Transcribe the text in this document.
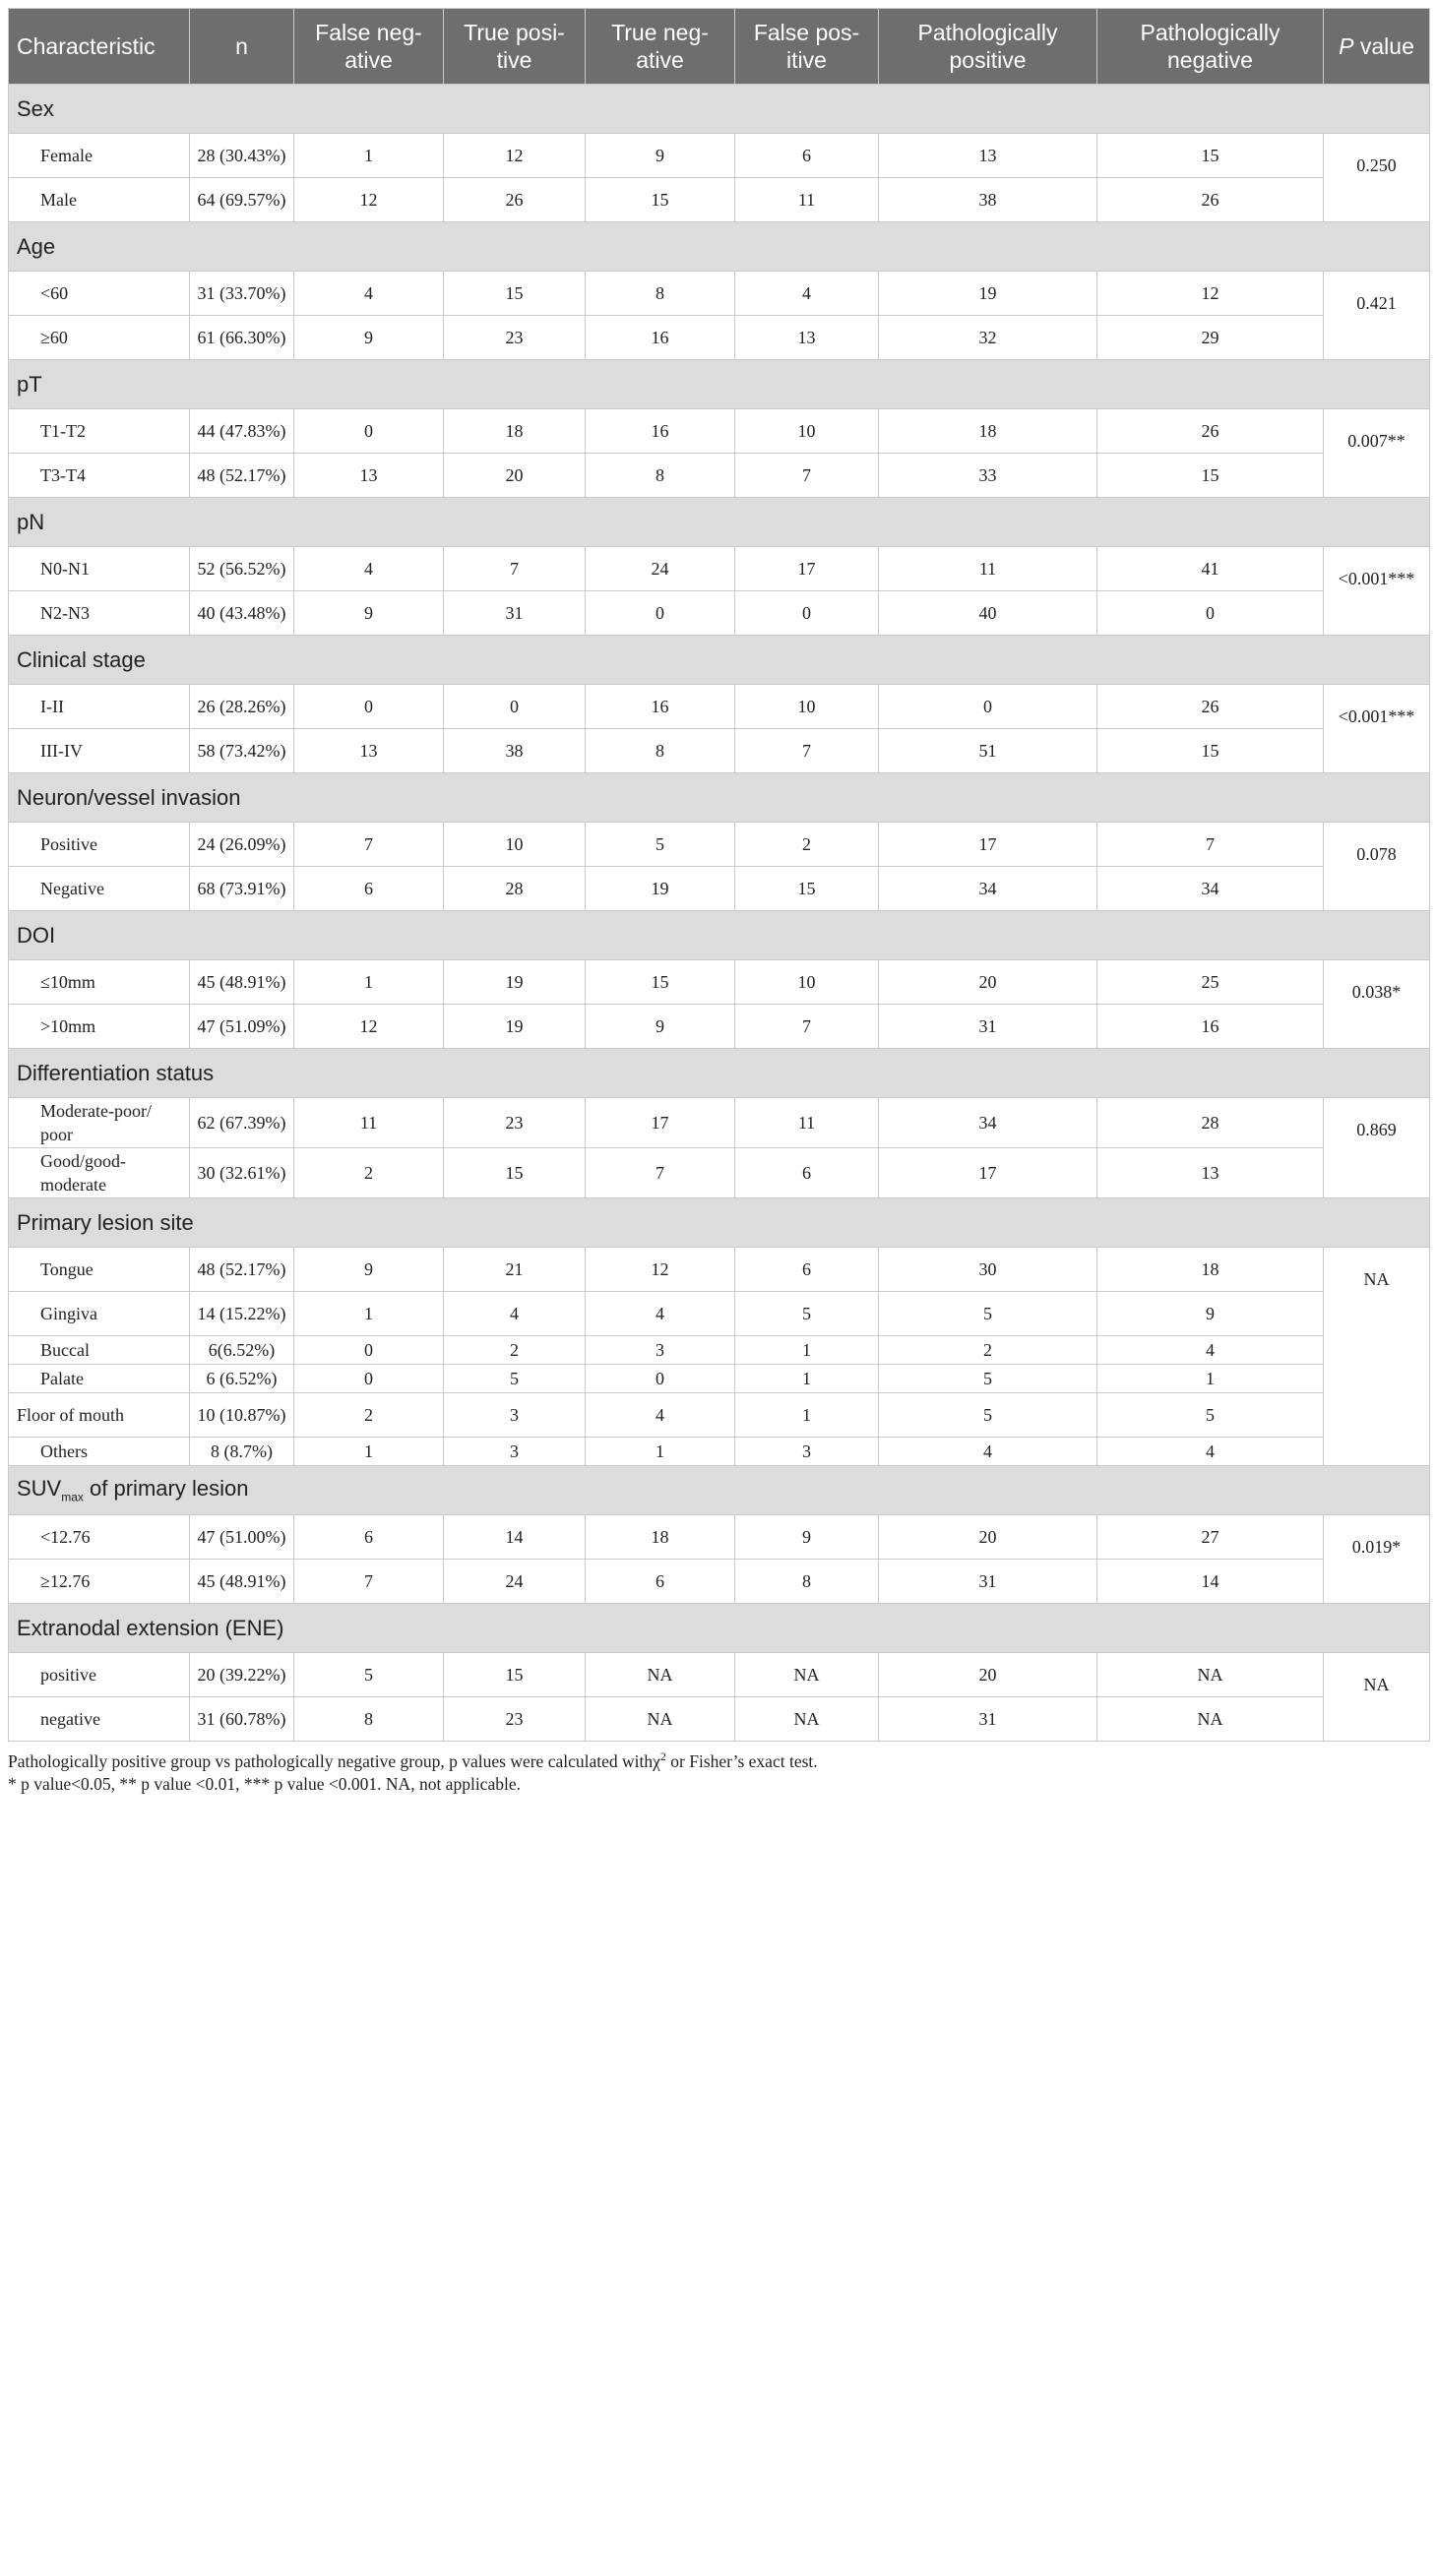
Characteristic	n	False neg-ative	True posi-tive	True neg-ative	False pos-itive	Pathologically positive	Pathologically negative	P value
Sex								
Female	28 (30.43%)	1	12	9	6	13	15	0.250
Male	64 (69.57%)	12	26	15	11	38	26	
Age								
<60	31 (33.70%)	4	15	8	4	19	12	0.421
≥60	61 (66.30%)	9	23	16	13	32	29	
pT								
T1-T2	44 (47.83%)	0	18	16	10	18	26	0.007**
T3-T4	48 (52.17%)	13	20	8	7	33	15	
pN								
N0-N1	52 (56.52%)	4	7	24	17	11	41	<0.001***
N2-N3	40 (43.48%)	9	31	0	0	40	0	
Clinical stage								
I-II	26 (28.26%)	0	0	16	10	0	26	<0.001***
III-IV	58 (73.42%)	13	38	8	7	51	15	
Neuron/vessel invasion								
Positive	24 (26.09%)	7	10	5	2	17	7	0.078
Negative	68 (73.91%)	6	28	19	15	34	34	
DOI								
≤10mm	45 (48.91%)	1	19	15	10	20	25	0.038*
>10mm	47 (51.09%)	12	19	9	7	31	16	
Differentiation status								
Moderate-poor/ poor	62 (67.39%)	11	23	17	11	34	28	0.869
Good/good-moderate	30 (32.61%)	2	15	7	6	17	13	
Primary lesion site								
Tongue	48 (52.17%)	9	21	12	6	30	18	NA
Gingiva	14 (15.22%)	1	4	4	5	5	9	
Buccal	6(6.52%)	0	2	3	1	2	4	
Palate	6 (6.52%)	0	5	0	1	5	1	
Floor of mouth	10 (10.87%)	2	3	4	1	5	5	
Others	8 (8.7%)	1	3	1	3	4	4	
$SUV_{max}$ of primary lesion								
<12.76	47 (51.00%)	6	14	18	9	20	27	0.019*
≥12.76	45 (48.91%)	7	24	6	8	31	14	
Extranodal extension (ENE)								
positive	20 (39.22%)	5	15	NA	NA	20	NA	NA
negative	31 (60.78%)	8	23	NA	NA	31	NA	
Pathologically positive group vs pathologically negative group, p values were calculated withχ$^2$ or Fisher’s exact test.
* p value<0.05, ** p value <0.01, *** p value <0.001. NA, not applicable.
